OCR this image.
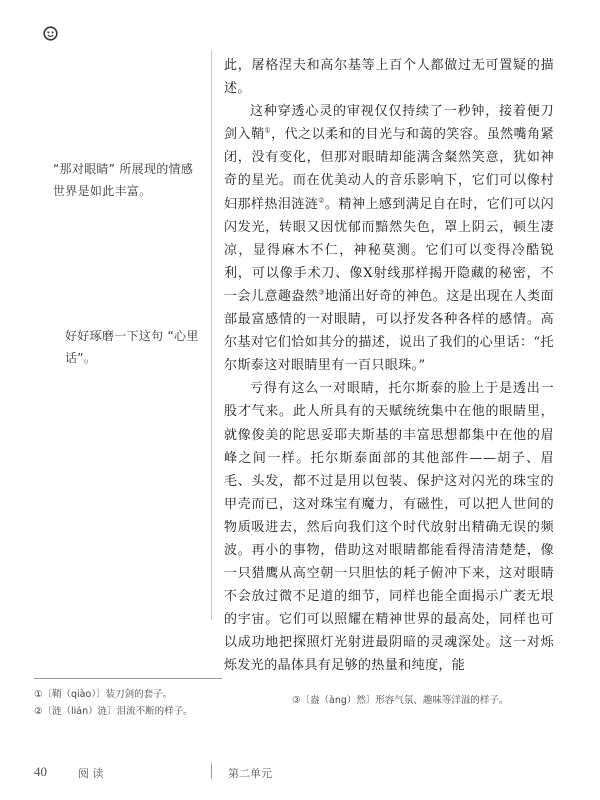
“那对眼睛” 所展现的情感世界是如此丰富。
好好琢磨一下这句 “心里话”。

此，屠格涅夫和高尔基等上百个人都做过无可置疑的描述。

这种穿透心灵的审视仅仅持续了一秒钟，接着便刀剑入鞘①，代之以柔和的目光与和蔼的笑容。虽然嘴角紧闭，没有变化，但那对眼睛却能满含粲然笑意，犹如神奇的星光。而在优美动人的音乐影响下，它们可以像村妇那样热泪涟涟②。精神上感到满足自在时，它们可以闪闪发光，转眼又因忧郁而黯然失色，罩上阴云，顿生凄凉，显得麻木不仁，神秘莫测。它们可以变得冷酷锐利，可以像手术刀、像X射线那样揭开隐藏的秘密，不一会儿意趣盎然③地涌出好奇的神色。这是出现在人类面部最富感情的一对眼睛，可以抒发各种各样的感情。高尔基对它们恰如其分的描述，说出了我们的心里话：“托尔斯泰这对眼睛里有一百只眼珠。”

亏得有这么一对眼睛，托尔斯泰的脸上于是透出一股才气来。此人所具有的天赋统统集中在他的眼睛里，就像俊美的陀思妥耶夫斯基的丰富思想都集中在他的眉峰之间一样。托尔斯泰面部的其他部件——胡子、眉毛、头发，都不过是用以包装、保护这对闪光的珠宝的甲壳而已，这对珠宝有魔力，有磁性，可以把人世间的物质吸进去，然后向我们这个时代放射出精确无误的频波。再小的事物，借助这对眼睛都能看得清清楚楚，像一只猎鹰从高空朝一只胆怯的耗子俯冲下来，这对眼睛不会放过微不足道的细节，同样也能全面揭示广袤无垠的宇宙。它们可以照耀在精神世界的最高处，同样也可以成功地把探照灯光射进最阴暗的灵魂深处。这一对烁烁发光的晶体具有足够的热量和纯度，能

①〔鞘（qiào）〕装刀剑的套子。
②〔涟（lián）涟〕泪流不断的样子。
③〔盎（àng）然〕形容气氛、趣味等洋溢的样子。
40	阅 读	第二单元
